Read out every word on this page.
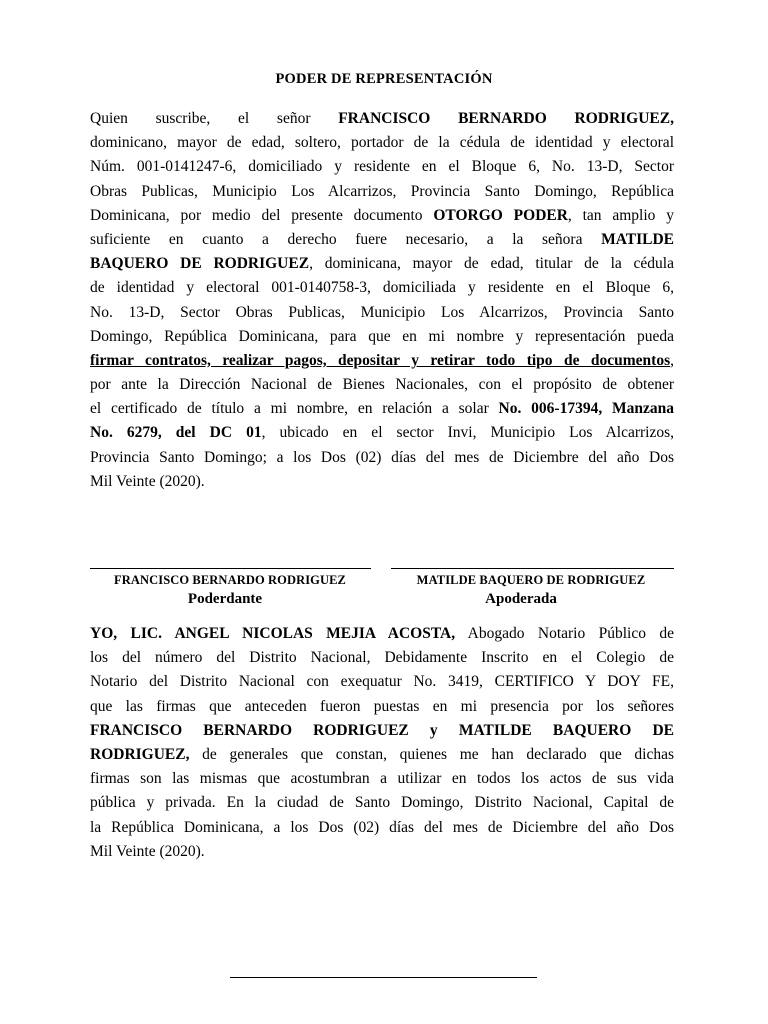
PODER DE REPRESENTACIÓN
Quien suscribe, el señor FRANCISCO BERNARDO RODRIGUEZ,
dominicano, mayor de edad, soltero, portador de la cédula de identidad y electoral
Núm. 001-0141247-6, domiciliado y residente en el Bloque 6, No. 13-D, Sector
Obras Publicas, Municipio Los Alcarrizos, Provincia Santo Domingo, República
Dominicana, por medio del presente documento OTORGO PODER, tan amplio y
suficiente en cuanto a derecho fuere necesario, a la señora MATILDE
BAQUERO DE RODRIGUEZ, dominicana, mayor de edad, titular de la cédula
de identidad y electoral 001-0140758-3, domiciliada y residente en el Bloque 6,
No. 13-D, Sector Obras Publicas, Municipio Los Alcarrizos, Provincia Santo
Domingo, República Dominicana, para que en mi nombre y representación pueda
firmar contratos, realizar pagos, depositar y retirar todo tipo de documentos,
por ante la Dirección Nacional de Bienes Nacionales, con el propósito de obtener
el certificado de título a mi nombre, en relación a solar No. 006-17394, Manzana
No. 6279, del DC 01, ubicado en el sector Invi, Municipio Los Alcarrizos,
Provincia Santo Domingo; a los Dos (02) días del mes de Diciembre del año Dos
Mil Veinte (2020).
FRANCISCO BERNARDO RODRIGUEZ	MATILDE BAQUERO DE RODRIGUEZ
Poderdante	Apoderada
YO, LIC. ANGEL NICOLAS MEJIA ACOSTA, Abogado Notario Público de
los del número del Distrito Nacional, Debidamente Inscrito en el Colegio de
Notario del Distrito Nacional con exequatur No. 3419, CERTIFICO Y DOY FE,
que las firmas que anteceden fueron puestas en mi presencia por los señores
FRANCISCO BERNARDO RODRIGUEZ y MATILDE BAQUERO DE
RODRIGUEZ, de generales que constan, quienes me han declarado que dichas
firmas son las mismas que acostumbran a utilizar en todos los actos de sus vida
pública y privada. En la ciudad de Santo Domingo, Distrito Nacional, Capital de
la República Dominicana, a los Dos (02) días del mes de Diciembre del año Dos
Mil Veinte (2020).
